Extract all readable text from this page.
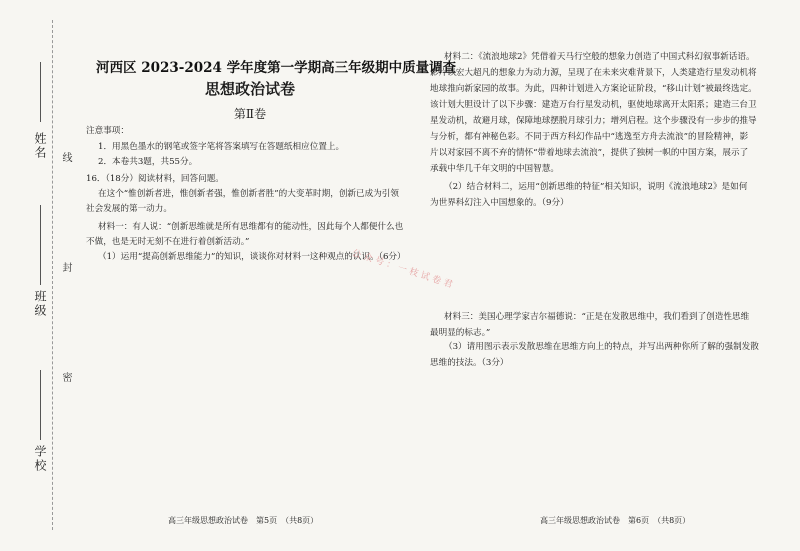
姓名 线
班级
封
密
学校
河西区 2023-2024 学年度第一学期高三年级期中质量调查
思想政治试卷
第Ⅱ卷
注意事项：
1．用黑色墨水的钢笔或签字笔将答案填写在答题纸相应位置上。
2．本卷共3题，共55分。
16．（18分）阅读材料，回答问题。
在这个“惟创新者进，惟创新者强，惟创新者胜”的大变革时期，创新已成为引领
社会发展的第一动力。
材料一：有人说：“创新思维就是所有思维都有的能动性，因此每个人都便什么也
不做，也是无时无刻不在进行着创新活动。”
（1）运用“提高创新思维能力”的知识，谈谈你对材料一这种观点的认识。（6分）
公众号：一枝试卷君
材料二：《流浪地球2》凭借着天马行空般的想象力创造了中国式科幻叙事新话语。
影片以宏大超凡的想象力为动力源，呈现了在未来灾难背景下，人类建造行星发动机将
地球推向新家园的故事。为此，四种计划进入方案论证阶段，“移山计划”被最终选定。
该计划大胆设计了以下步骤：建造万台行星发动机，驱使地球离开太阳系；建造三台卫
星发动机，故避月球，保障地球摆脱月球引力；增列启程。这个步骤没有一步步的推导
与分析，都有神秘色彩。不同于西方科幻作品中“逃逸至方舟去流浪”的冒险精神，影
片以对家园不离不弃的情怀“带着地球去流浪”，提供了独树一帜的中国方案，展示了
承载中华几千年文明的中国智慧。
（2）结合材料二，运用“创新思维的特征”相关知识，说明《流浪地球2》是如何
为世界科幻注入中国想象的。（9分）
材料三：美国心理学家吉尔福德说：“正是在发散思维中，我们看到了创造性思维
最明显的标志。”
（3）请用图示表示发散思维在思维方向上的特点，并写出两种你所了解的强制发散
思维的技法。（3分）
高三年级思想政治试卷　第5页　（共8页）	高三年级思想政治试卷　第6页　（共8页）
